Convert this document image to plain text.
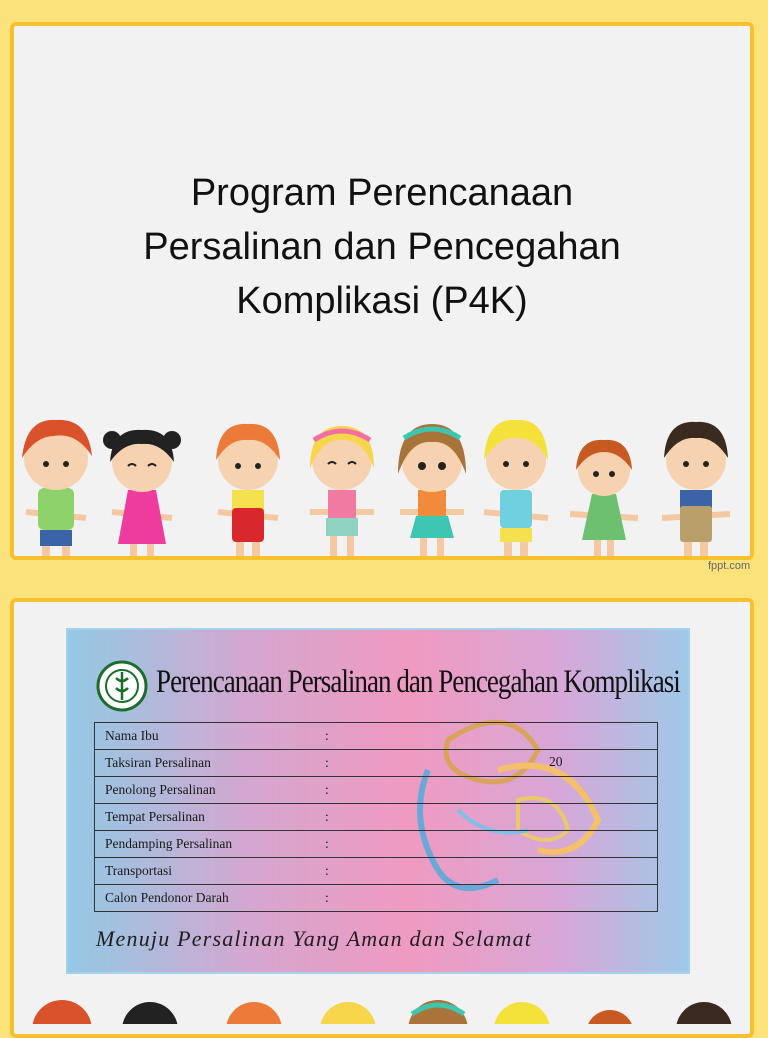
Program Perencanaan
Persalinan dan Pencegahan
Komplikasi (P4K)
fppt.com
Perencanaan Persalinan dan Pencegahan Komplikasi
Nama Ibu	:	
Taksiran Persalinan	:	20

Penolong Persalinan	:	
Tempat Persalinan	:	
Pendamping Persalinan	:	
Transportasi	:	
Calon Pendonor Darah	:	
Menuju Persalinan Yang Aman dan Selamat
